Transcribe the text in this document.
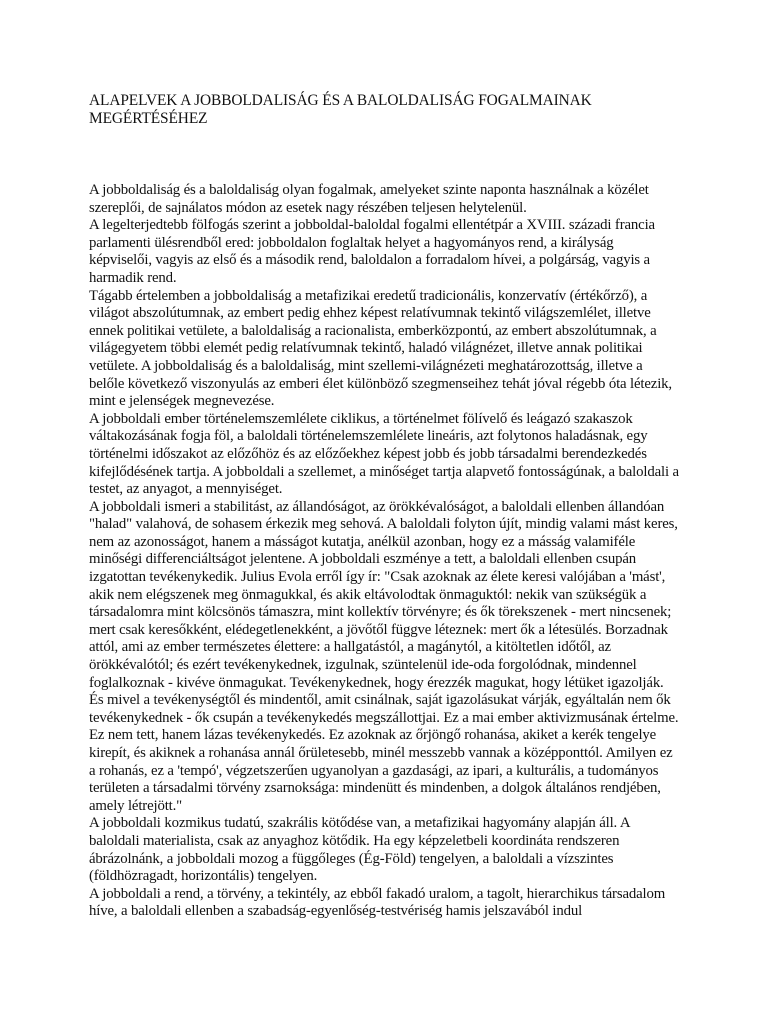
ALAPELVEK A JOBBOLDALISÁG ÉS A BALOLDALISÁG FOGALMAINAK
MEGÉRTÉSÉHEZ

A jobboldaliság és a baloldaliság olyan fogalmak, amelyeket szinte naponta használnak a közélet szereplői, de sajnálatos módon az esetek nagy részében teljesen helytelenül.

A legelterjedtebb fölfogás szerint a jobboldal-baloldal fogalmi ellentétpár a XVIII. századi francia parlamenti ülésrendből ered: jobboldalon foglaltak helyet a hagyományos rend, a királyság képviselői, vagyis az első és a második rend, baloldalon a forradalom hívei, a polgárság, vagyis a harmadik rend.

Tágabb értelemben a jobboldaliság a metafizikai eredetű tradicionális, konzervatív (értékőrző), a világot abszolútumnak, az embert pedig ehhez képest relatívumnak tekintő világszemlélet, illetve ennek politikai vetülete, a baloldaliság a racionalista, emberközpontú, az embert abszolútumnak, a világegyetem többi elemét pedig relatívumnak tekintő, haladó világnézet, illetve annak politikai vetülete. A jobboldaliság és a baloldaliság, mint szellemi-világnézeti meghatározottság, illetve a belőle következő viszonyulás az emberi élet különböző szegmenseihez tehát jóval régebb óta létezik, mint e jelenségek megnevezése.

A jobboldali ember történelemszemlélete ciklikus, a történelmet fölívelő és leágazó szakaszok váltakozásának fogja föl, a baloldali történelemszemlélete lineáris, azt folytonos haladásnak, egy történelmi időszakot az előzőhöz és az előzőekhez képest jobb és jobb társadalmi berendezkedés kifejlődésének tartja. A jobboldali a szellemet, a minőséget tartja alapvető fontosságúnak, a baloldali a testet, az anyagot, a mennyiséget.

A jobboldali ismeri a stabilitást, az állandóságot, az örökkévalóságot, a baloldali ellenben állandóan "halad" valahová, de sohasem érkezik meg sehová. A baloldali folyton újít, mindig valami mást keres, nem az azonosságot, hanem a másságot kutatja, anélkül azonban, hogy ez a másság valamiféle minőségi differenciáltságot jelentene. A jobboldali eszménye a tett, a baloldali ellenben csupán izgatottan tevékenykedik. Julius Evola erről így ír: "Csak azoknak az élete keresi valójában a 'mást', akik nem elégszenek meg önmagukkal, és akik eltávolodtak önmaguktól: nekik van szükségük a társadalomra mint kölcsönös támaszra, mint kollektív törvényre; és ők törekszenek - mert nincsenek; mert csak keresőkként, elédegetlenekként, a jövőtől függve léteznek: mert ők a létesülés. Borzadnak attól, ami az ember természetes élettere: a hallgatástól, a magánytól, a kitöltetlen időtől, az örökkévalótól; és ezért tevékenykednek, izgulnak, szüntelenül ide-oda forgolódnak, mindennel foglalkoznak - kivéve önmagukat. Tevékenykednek, hogy érezzék magukat, hogy létüket igazolják. És mivel a tevékenységtől és mindentől, amit csinálnak, saját igazolásukat várják, egyáltalán nem ők tevékenykednek - ők csupán a tevékenykedés megszállottjai. Ez a mai ember aktivizmusának értelme. Ez nem tett, hanem lázas tevékenykedés. Ez azoknak az őrjöngő rohanása, akiket a kerék tengelye kirepít, és akiknek a rohanása annál őrületesebb, minél messzebb vannak a középponttól. Amilyen ez a rohanás, ez a 'tempó', végzetszerűen ugyanolyan a gazdasági, az ipari, a kulturális, a tudományos területen a társadalmi törvény zsarnoksága: mindenütt és mindenben, a dolgok általános rendjében, amely létrejött."

A jobboldali kozmikus tudatú, szakrális kötődése van, a metafizikai hagyomány alapján áll. A baloldali materialista, csak az anyaghoz kötődik. Ha egy képzeletbeli koordináta rendszeren ábrázolnánk, a jobboldali mozog a függőleges (Ég-Föld) tengelyen, a baloldali a vízszintes (földhözragadt, horizontális) tengelyen.

A jobboldali a rend, a törvény, a tekintély, az ebből fakadó uralom, a tagolt, hierarchikus társadalom híve, a baloldali ellenben a szabadság-egyenlőség-testvériség hamis jelszavából indul
